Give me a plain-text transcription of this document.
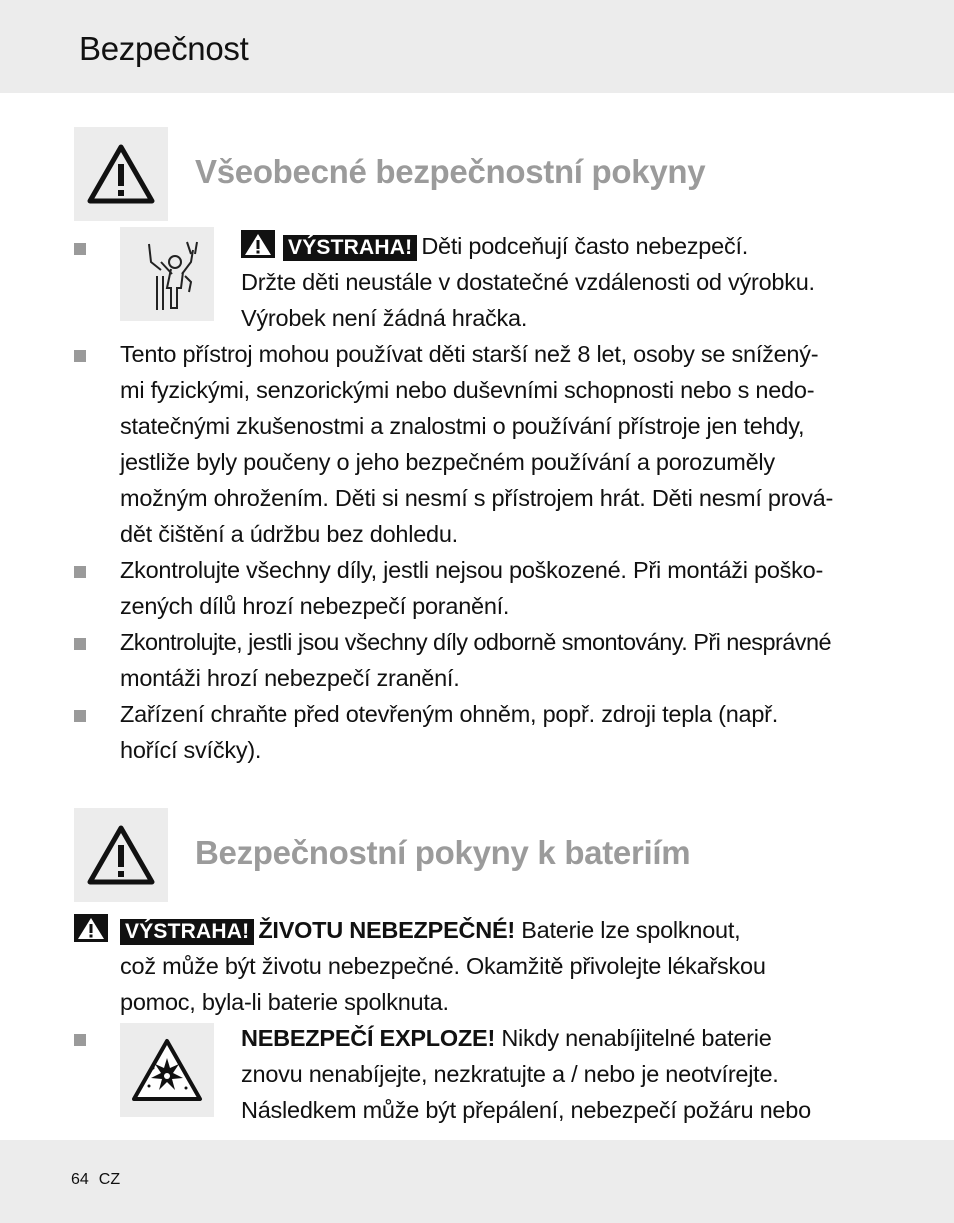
Bezpečnost
Všeobecné bezpečnostní pokyny
VÝSTRAHA! Děti podceňují často nebezpečí.
Držte děti neustále v dostatečné vzdálenosti od výrobku.
Výrobek není žádná hračka.
Tento přístroj mohou používat děti starší než 8 let, osoby se snížený-
mi fyzickými, senzorickými nebo duševními schopnosti nebo s nedo-
statečnými zkušenostmi a znalostmi o používání přístroje jen tehdy,
jestliže byly poučeny o jeho bezpečném používání a porozuměly
možným ohrožením. Děti si nesmí s přístrojem hrát. Děti nesmí prová-
dět čištění a údržbu bez dohledu.
Zkontrolujte všechny díly, jestli nejsou poškozené. Při montáži poško-
zených dílů hrozí nebezpečí poranění.
Zkontrolujte, jestli jsou všechny díly odborně smontovány. Při nesprávné
montáži hrozí nebezpečí zranění.
Zařízení chraňte před otevřeným ohněm, popř. zdroji tepla (např.
hořící svíčky).
Bezpečnostní pokyny k bateriím
VÝSTRAHA! ŽIVOTU NEBEZPEČNÉ! Baterie lze spolknout,
což může být životu nebezpečné. Okamžitě přivolejte lékařskou
pomoc, byla-li baterie spolknuta.
NEBEZPEČÍ EXPLOZE! Nikdy nenabíjitelné baterie
znovu nenabíjejte, nezkratujte a / nebo je neotvírejte.
Následkem může být přepálení, nebezpečí požáru nebo
64 CZ
